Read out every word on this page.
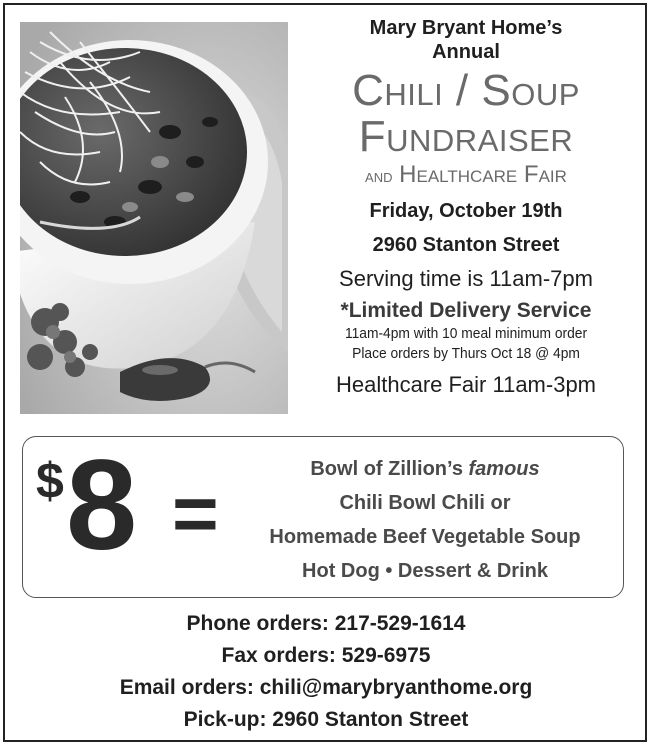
Mary Bryant Home’s

Annual

Chili / Soup

Fundraiser

and Healthcare Fair

Friday, October 19th

2960 Stanton Street

Serving time is 11am-7pm

*Limited Delivery Service

11am-4pm with 10 meal minimum order

Place orders by Thurs Oct 18 @ 4pm

Healthcare Fair 11am-3pm

$ 8 =	Bowl of Zillion’s famous

Chili Bowl Chili or

Homemade Beef Vegetable Soup

Hot Dog • Dessert & Drink

Phone orders: 217-529-1614

Fax orders: 529-6975

Email orders: chili@marybryanthome.org

Pick-up: 2960 Stanton Street
